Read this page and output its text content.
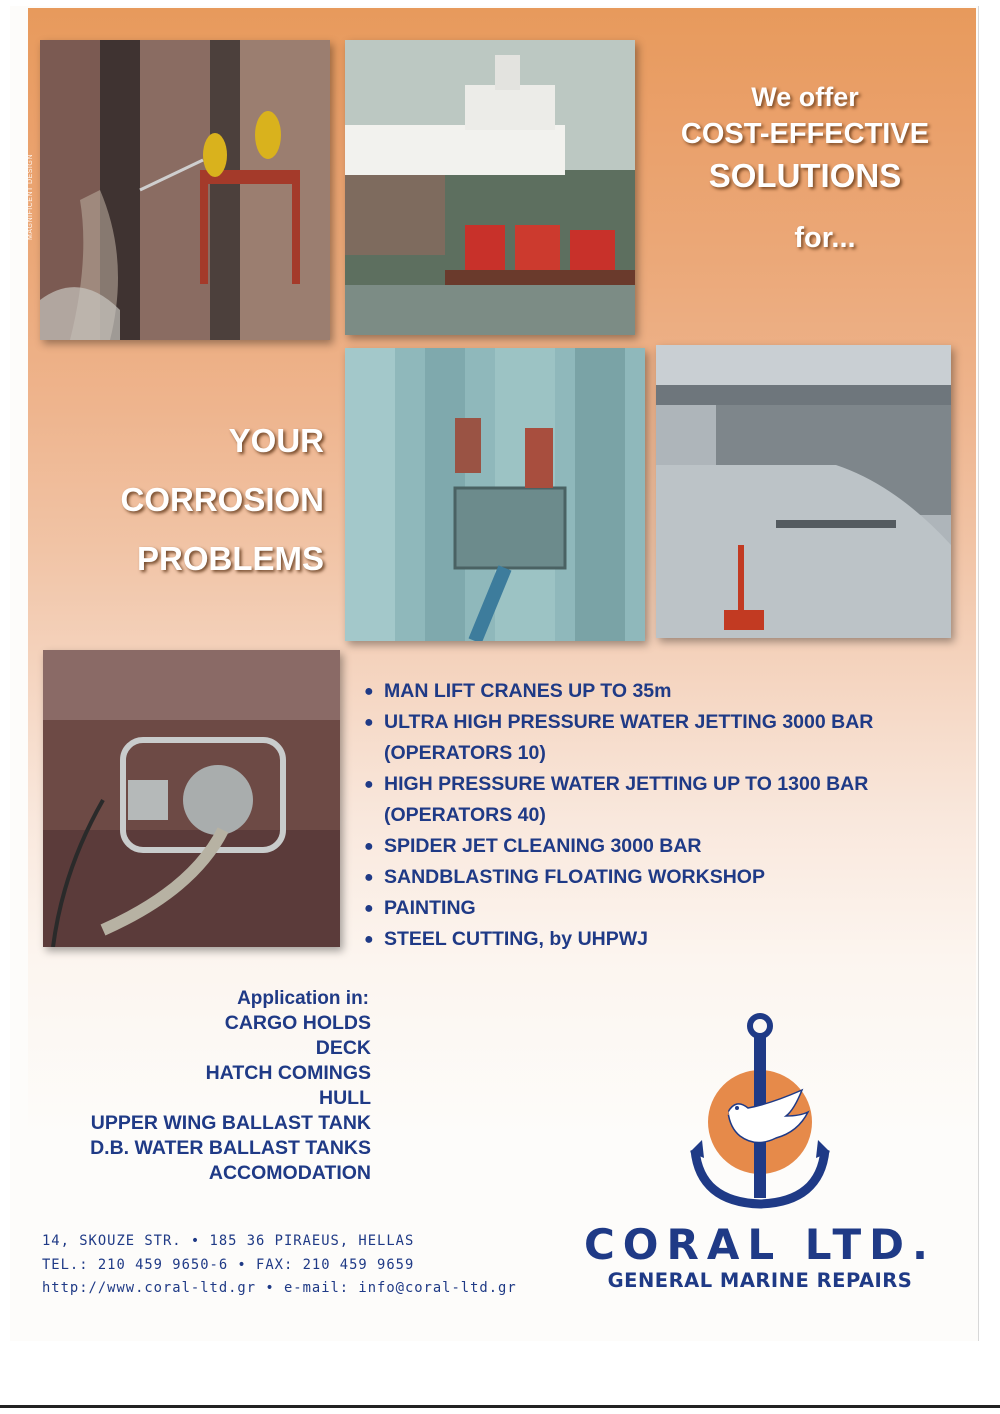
MAGNIFICENT DESIGN
We offer
COST-EFFECTIVE
SOLUTIONS
for...
YOUR
CORROSION
PROBLEMS
● MAN LIFT CRANES UP TO 35m
● ULTRA HIGH PRESSURE WATER JETTING 3000 BAR
(OPERATORS 10)
● HIGH PRESSURE WATER JETTING UP TO 1300 BAR
(OPERATORS 40)
● SPIDER JET CLEANING 3000 BAR
● SANDBLASTING FLOATING WORKSHOP
● PAINTING
● STEEL CUTTING, by UHPWJ
Application in:
CARGO HOLDS
DECK
HATCH COMINGS
HULL
UPPER WING BALLAST TANK
D.B. WATER BALLAST TANKS
ACCOMODATION
CORAL LTD.
GENERAL MARINE REPAIRS
14, SKOUZE STR. • 185 36 PIRAEUS, HELLAS
TEL.: 210 459 9650-6 • FAX: 210 459 9659
http://www.coral-ltd.gr • e-mail: info@coral-ltd.gr
